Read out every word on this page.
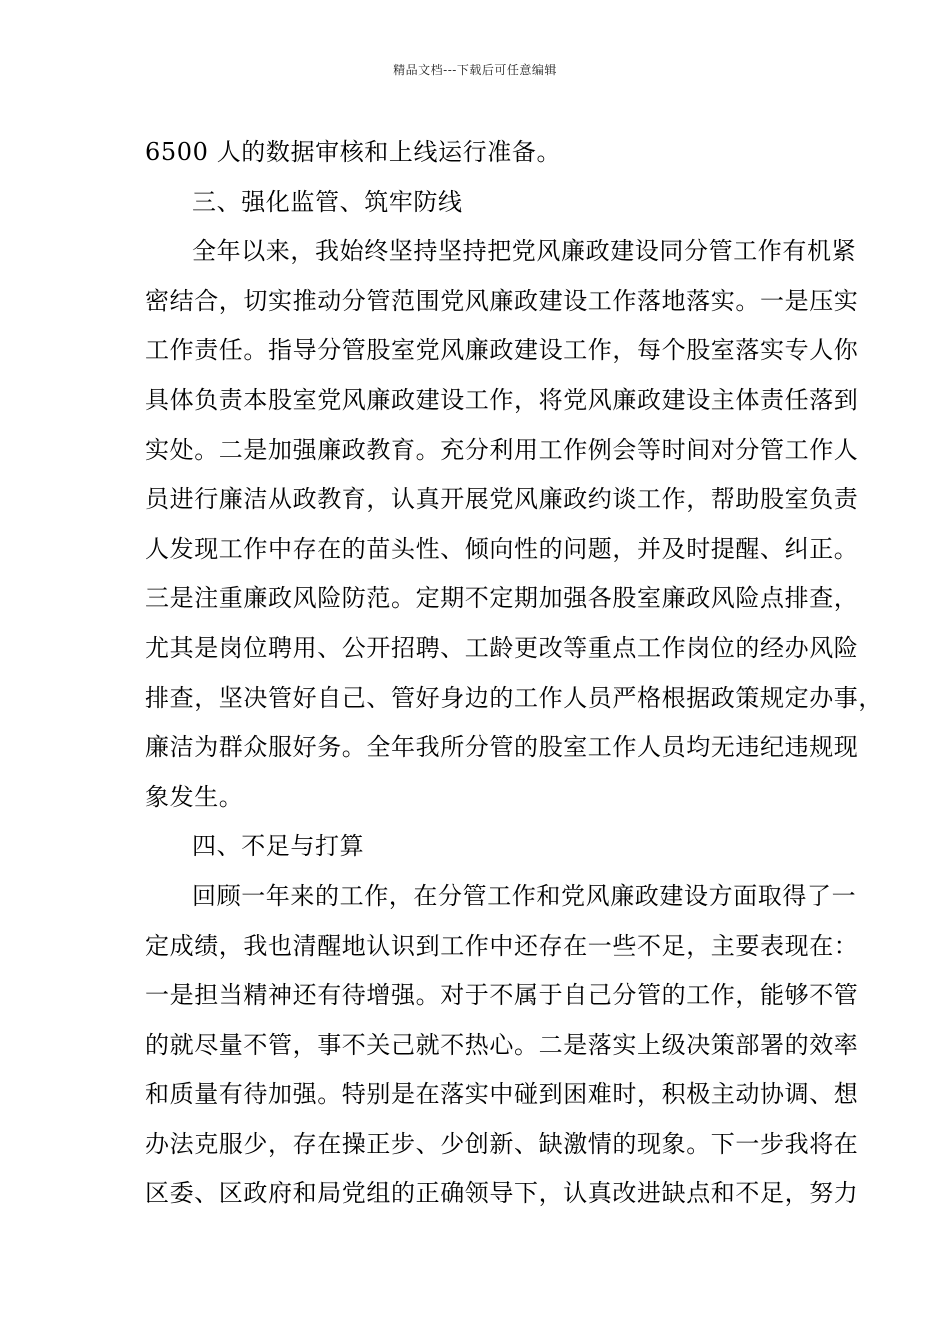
精品文档---下载后可任意编辑
6500 人的数据审核和上线运行准备。
三、强化监管、筑牢防线
全年以来，我始终坚持坚持把党风廉政建设同分管工作有机紧
密结合，切实推动分管范围党风廉政建设工作落地落实。一是压实
工作责任。指导分管股室党风廉政建设工作，每个股室落实专人你
具体负责本股室党风廉政建设工作，将党风廉政建设主体责任落到
实处。二是加强廉政教育。充分利用工作例会等时间对分管工作人
员进行廉洁从政教育，认真开展党风廉政约谈工作，帮助股室负责
人发现工作中存在的苗头性、倾向性的问题，并及时提醒、纠正。
三是注重廉政风险防范。定期不定期加强各股室廉政风险点排查，
尤其是岗位聘用、公开招聘、工龄更改等重点工作岗位的经办风险
排查，坚决管好自己、管好身边的工作人员严格根据政策规定办事，
廉洁为群众服好务。全年我所分管的股室工作人员均无违纪违规现
象发生。
四、不足与打算
回顾一年来的工作，在分管工作和党风廉政建设方面取得了一
定成绩，我也清醒地认识到工作中还存在一些不足，主要表现在：
一是担当精神还有待增强。对于不属于自己分管的工作，能够不管
的就尽量不管，事不关己就不热心。二是落实上级决策部署的效率
和质量有待加强。特别是在落实中碰到困难时，积极主动协调、想
办法克服少，存在操正步、少创新、缺激情的现象。下一步我将在
区委、区政府和局党组的正确领导下，认真改进缺点和不足，努力
